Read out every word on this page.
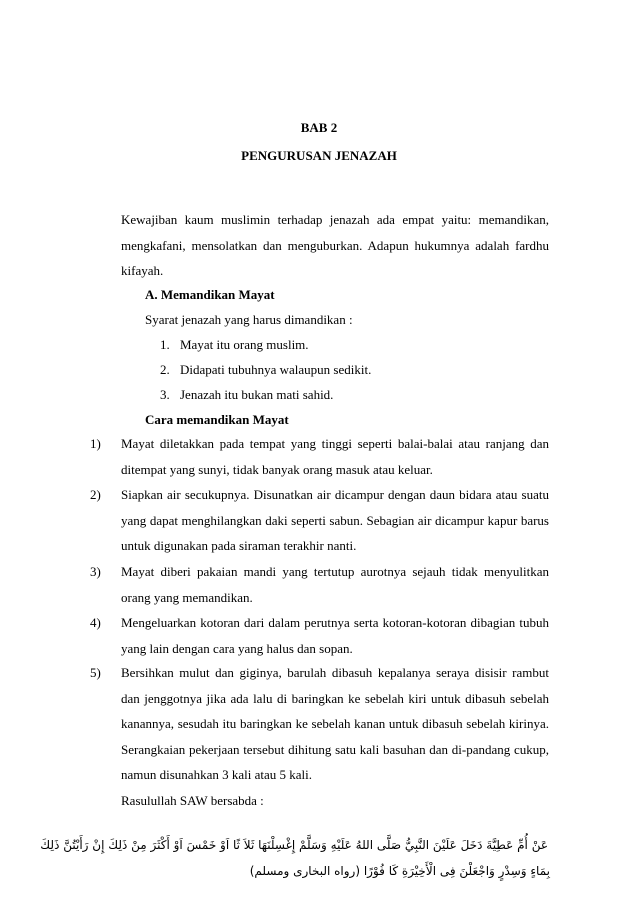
BAB 2
PENGURUSAN JENAZAH
Kewajiban kaum muslimin terhadap jenazah ada empat yaitu: memandikan, mengkafani, mensolatkan dan menguburkan. Adapun hukumnya adalah fardhu kifayah.
A. Memandikan Mayat
Syarat jenazah yang harus dimandikan :
1. Mayat itu orang muslim.
2. Didapati tubuhnya walaupun sedikit.
3. Jenazah itu bukan mati sahid.
Cara memandikan Mayat
1) Mayat diletakkan pada tempat yang tinggi seperti balai-balai atau ranjang dan ditempat yang sunyi, tidak banyak orang masuk atau keluar.
2) Siapkan air secukupnya. Disunatkan air dicampur dengan daun bidara atau suatu yang dapat menghilangkan daki seperti sabun. Sebagian air dicampur kapur barus untuk digunakan pada siraman terakhir nanti.
3) Mayat diberi pakaian mandi yang tertutup aurotnya sejauh tidak menyulitkan orang yang memandikan.
4) Mengeluarkan kotoran dari dalam perutnya serta kotoran-kotoran dibagian tubuh yang lain dengan cara yang halus dan sopan.
5) Bersihkan mulut dan giginya, barulah dibasuh kepalanya seraya disisir rambut dan jenggotnya jika ada lalu di baringkan ke sebelah kiri untuk dibasuh sebelah kanannya, sesudah itu baringkan ke sebelah kanan untuk dibasuh sebelah kirinya. Serangkaian pekerjaan tersebut dihitung satu kali basuhan dan di-pandang cukup, namun disunahkan 3 kali atau 5 kali.
Rasulullah SAW bersabda :
عَنْ أُمِّ عَطِيَّةَ دَخَلَ عَلَيْنَ النَّبِيُّ صَلَّى اللهُ عَلَيْهِ وَسَلَّمْ إِغْسِلْنَهَا ثَلاَ ثًا اَوْ خَمْسَ اَوْ أَكْثَرَ مِنْ ذَلِكَ إِنْ رَأَيْتُنَّ ذَلِكَ
بِمَاءٍ وَسِدْرٍ وَاجْعَلْنَ فِى الْأَخِيْرَةِ كَا فُوْرًا (رواه البخارى ومسلم)
